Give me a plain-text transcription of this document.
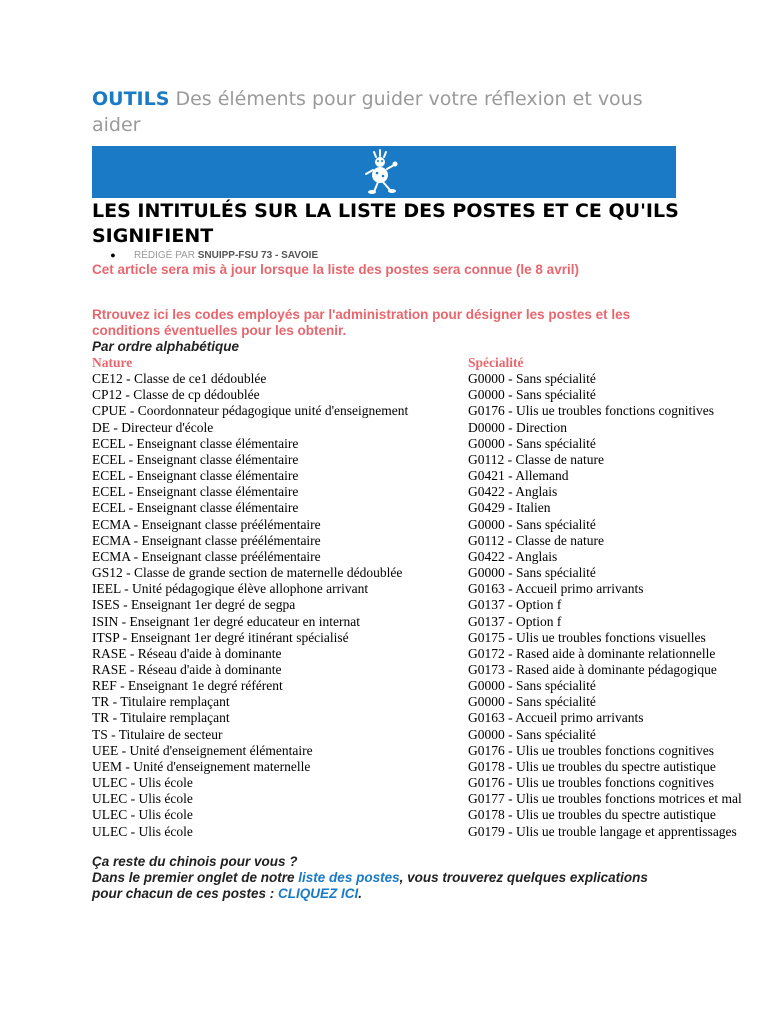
OUTILS Des éléments pour guider votre réflexion et vous aider
LES INTITULÉS SUR LA LISTE DES POSTES ET CE QU'ILS SIGNIFIENT
● RÉDIGÉ PAR SNUIPP-FSU 73 - SAVOIE
Cet article sera mis à jour lorsque la liste des postes sera connue (le 8 avril)
Rtrouvez ici les codes employés par l'administration pour désigner les postes et les conditions éventuelles pour les obtenir.
Par ordre alphabétique
Nature
CE12 - Classe de ce1 dédoublée
CP12 - Classe de cp dédoublée
CPUE - Coordonnateur pédagogique unité d'enseignement
DE - Directeur d'école
ECEL - Enseignant classe élémentaire
ECEL - Enseignant classe élémentaire
ECEL - Enseignant classe élémentaire
ECEL - Enseignant classe élémentaire
ECEL - Enseignant classe élémentaire
ECMA - Enseignant classe préélémentaire
ECMA - Enseignant classe préélémentaire
ECMA - Enseignant classe préélémentaire
GS12 - Classe de grande section de maternelle dédoublée
IEEL - Unité pédagogique élève allophone arrivant
ISES - Enseignant 1er degré de segpa
ISIN - Enseignant 1er degré educateur en internat
ITSP - Enseignant 1er degré itinérant spécialisé
RASE - Réseau d'aide à dominante
RASE - Réseau d'aide à dominante
REF - Enseignant 1e degré référent
TR - Titulaire remplaçant
TR - Titulaire remplaçant
TS - Titulaire de secteur
UEE - Unité d'enseignement élémentaire
UEM - Unité d'enseignement maternelle
ULEC - Ulis école
ULEC - Ulis école
ULEC - Ulis école
ULEC - Ulis école
Spécialité
G0000 - Sans spécialité
G0000 - Sans spécialité
G0176 - Ulis ue troubles fonctions cognitives
D0000 - Direction
G0000 - Sans spécialité
G0112 - Classe de nature
G0421 - Allemand
G0422 - Anglais
G0429 - Italien
G0000 - Sans spécialité
G0112 - Classe de nature
G0422 - Anglais
G0000 - Sans spécialité
G0163 - Accueil primo arrivants
G0137 - Option f
G0137 - Option f
G0175 - Ulis ue troubles fonctions visuelles
G0172 - Rased aide à dominante relationnelle
G0173 - Rased aide à dominante pédagogique
G0000 - Sans spécialité
G0000 - Sans spécialité
G0163 - Accueil primo arrivants
G0000 - Sans spécialité
G0176 - Ulis ue troubles fonctions cognitives
G0178 - Ulis ue troubles du spectre autistique
G0176 - Ulis ue troubles fonctions cognitives
G0177 - Ulis ue troubles fonctions motrices et mal
G0178 - Ulis ue troubles du spectre autistique
G0179 - Ulis ue trouble langage et apprentissages
Ça reste du chinois pour vous ?
Dans le premier onglet de notre liste des postes, vous trouverez quelques explications pour chacun de ces postes : CLIQUEZ ICI.
